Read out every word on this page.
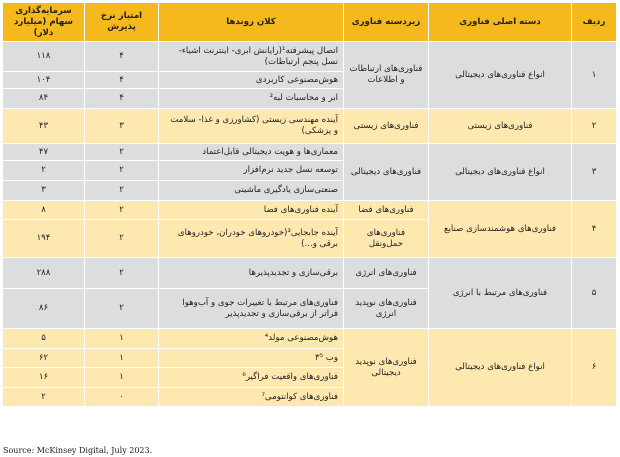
ردیف	دسته اصلی فناوری	زیردسته فناوری	کلان روندها	امتیاز نرخ پذیرش	سرمایه‌گذاری سهام (میلیارد دلار)
۱	انواع فناوری‌های دیجیتالی	فناوری‌های ارتباطات و اطلاعات	اتصال پیشرفته¹(رایانش ابری- اینترنت اشیاء- نسل پنجم ارتباطات)	۴	۱۱۸
			هوش‌مصنوعی کاربردی	۴	۱۰۴
			ابر و محاسبات لبه²	۴	۸۴
۲	فناوری‌های زیستی	فناوری‌های زیستی	آینده مهندسی زیستی (کشاورزی و غذا- سلامت و پزشکی)	۳	۴۳
۳	انواع فناوری‌های دیجیتالی	فناوری‌های دیجیتالی	معماری‌ها و هویت دیجیتالی قابل‌اعتماد	۲	۴۷
			توسعه نسل جدید نرم‌افزار	۲	۲
			صنعتی‌سازی یادگیری ماشینی	۲	۳
۴	فناوری‌های هوشمندسازی صنایع	فناوری‌های فضا	آینده فناوری‌های فضا	۲	۸
		فناوری‌های حمل‌ونقل	آینده جابجایی³(خودروهای خودران، خودروهای برقی و...)	۲	۱۹۴
۵	فناوری‌های مرتبط با انرژی	فناوری‌های انرژی	برقی‌سازی و تجدیدپذیرها	۲	۲۸۸
		فناوری‌های نوپدید انرژی	فناوری‌های مرتبط با تغییرات جوی و آب‌وهوا فراتر از برقی‌سازی و تجدیدپذیر	۲	۸۶
۶	انواع فناوری‌های دیجیتالی	فناوری‌های نوپدید دیجیتالی	هوش‌مصنوعی مولد⁴	۱	۵
			وب ۳⁵	۱	۶۲
			فناوری‌های واقعیت فراگیر⁶	۱	۱۶
			فناوری‌های کوانتومی⁷	۰	۲
Source: McKinsey Digital, July 2023.
